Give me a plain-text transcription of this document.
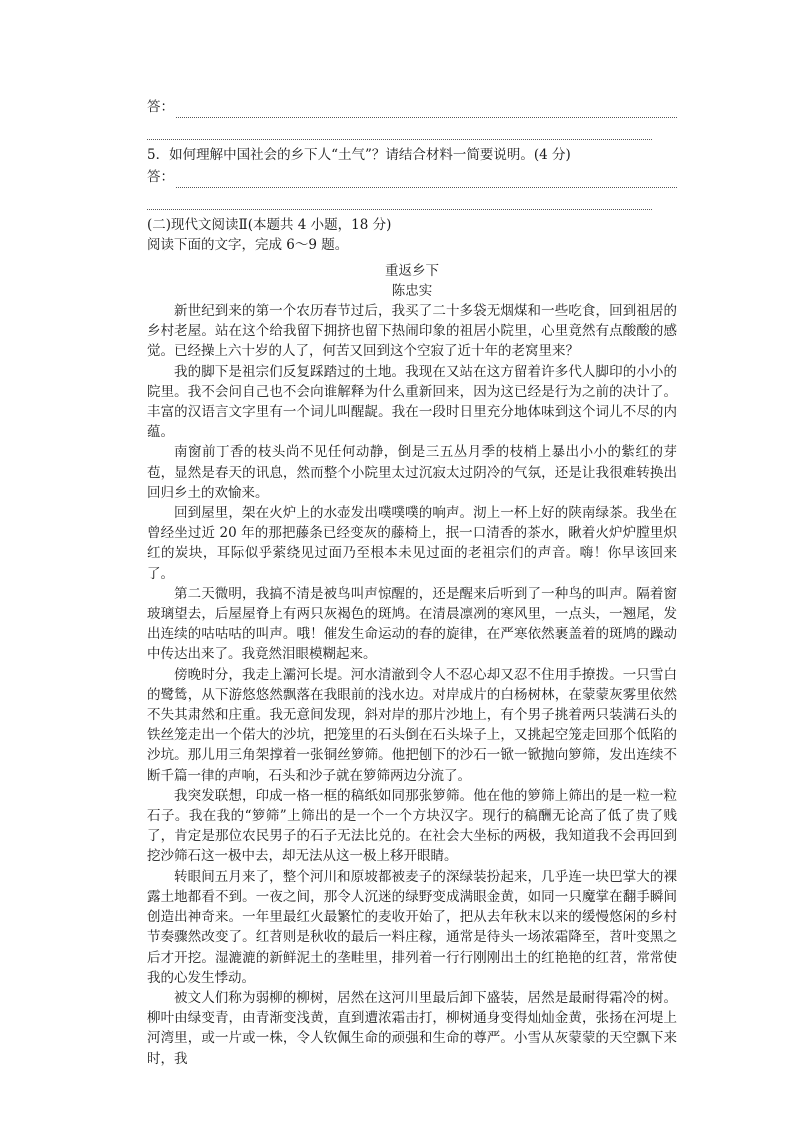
答：
5．如何理解中国社会的乡下人“土气”？请结合材料一简要说明。(4 分)
答：
(二)现代文阅读Ⅱ(本题共 4 小题，18 分)
阅读下面的文字，完成 6～9 题。
重返乡下
陈忠实

新世纪到来的第一个农历春节过后，我买了二十多袋无烟煤和一些吃食，回到祖居的乡村老屋。站在这个给我留下拥挤也留下热闹印象的祖居小院里，心里竟然有点酸酸的感觉。已经操上六十岁的人了，何苦又回到这个空寂了近十年的老窝里来？

我的脚下是祖宗们反复踩踏过的土地。我现在又站在这方留着许多代人脚印的小小的院里。我不会问自己也不会向谁解释为什么重新回来，因为这已经是行为之前的决计了。丰富的汉语言文字里有一个词儿叫醒龊。我在一段时日里充分地体味到这个词儿不尽的内蕴。

南窗前丁香的枝头尚不见任何动静，倒是三五丛月季的枝梢上暴出小小的紫红的芽苞，显然是春天的讯息，然而整个小院里太过沉寂太过阴冷的气氛，还是让我很难转换出回归乡土的欢愉来。

回到屋里，架在火炉上的水壶发出噗噗噗的响声。沏上一杯上好的陕南绿茶。我坐在曾经坐过近 20 年的那把藤条已经变灰的藤椅上，抿一口清香的茶水，瞅着火炉炉膛里炽红的炭块，耳际似乎萦绕见过面乃至根本未见过面的老祖宗们的声音。嗨！你早该回来了。

第二天微明，我搞不清是被鸟叫声惊醒的，还是醒来后听到了一种鸟的叫声。隔着窗玻璃望去，后屋屋脊上有两只灰褐色的斑鸠。在清晨凛冽的寒风里，一点头，一翘尾，发出连续的咕咕咕的叫声。哦！催发生命运动的春的旋律，在严寒依然裹盖着的斑鸠的躁动中传达出来了。我竟然泪眼模糊起来。

傍晚时分，我走上灞河长堤。河水清澈到令人不忍心却又忍不住用手撩拨。一只雪白的鹭鸶，从下游悠悠然飘落在我眼前的浅水边。对岸成片的白杨树林，在蒙蒙灰雾里依然不失其肃然和庄重。我无意间发现，斜对岸的那片沙地上，有个男子挑着两只装满石头的铁丝笼走出一个偌大的沙坑，把笼里的石头倒在石头垛子上，又挑起空笼走回那个低陷的沙坑。那儿用三角架撑着一张铜丝箩筛。他把刨下的沙石一锨一锨抛向箩筛，发出连续不断千篇一律的声响，石头和沙子就在箩筛两边分流了。

我突发联想，印成一格一框的稿纸如同那张箩筛。他在他的箩筛上筛出的是一粒一粒石子。我在我的“箩筛”上筛出的是一个一个方块汉字。现行的稿酬无论高了低了贵了贱了，肯定是那位农民男子的石子无法比兑的。在社会大坐标的两极，我知道我不会再回到挖沙筛石这一极中去，却无法从这一极上移开眼睛。

转眼间五月来了，整个河川和原坡都被麦子的深绿装扮起来，几乎连一块巴掌大的裸露土地都看不到。一夜之间，那令人沉迷的绿野变成满眼金黄，如同一只魔掌在翻手瞬间创造出神奇来。一年里最红火最繁忙的麦收开始了，把从去年秋末以来的缓慢悠闲的乡村节奏骤然改变了。红苕则是秋收的最后一料庄稼，通常是待头一场浓霜降至，苕叶变黑之后才开挖。湿漉漉的新鲜泥土的垄畦里，排列着一行行刚刚出土的红艳艳的红苕，常常使我的心发生悸动。

被文人们称为弱柳的柳树，居然在这河川里最后卸下盛装，居然是最耐得霜冷的树。柳叶由绿变青，由青渐变浅黄，直到遭浓霜击打，柳树通身变得灿灿金黄，张扬在河堤上河湾里，或一片或一株，令人钦佩生命的顽强和生命的尊严。小雪从灰蒙蒙的天空飘下来时，我
